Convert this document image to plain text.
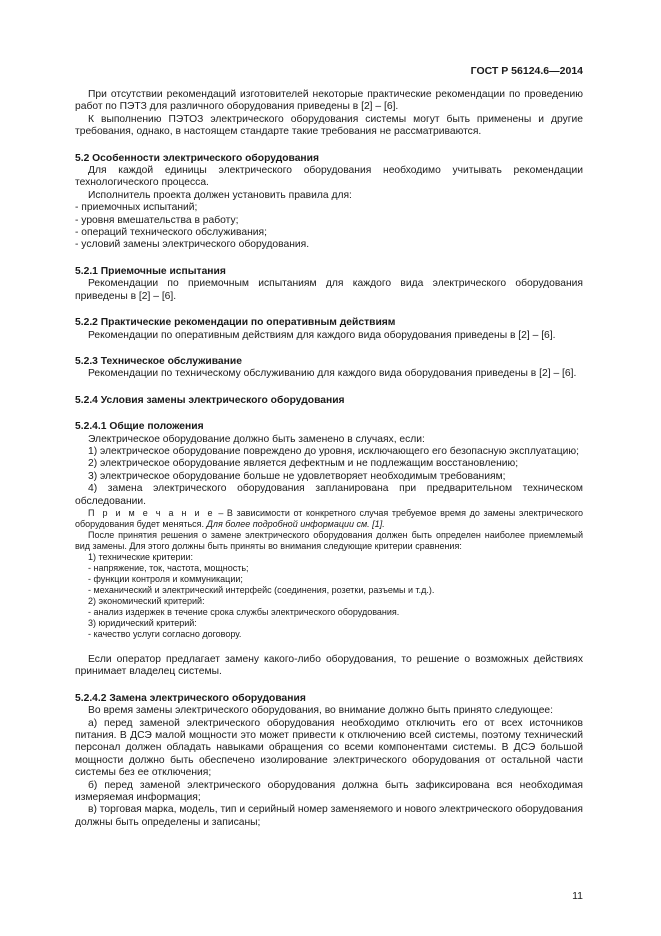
ГОСТ Р 56124.6—2014

При отсутствии рекомендаций изготовителей некоторые практические рекомендации по проведению работ по ПЭТЗ для различного оборудования приведены в [2] – [6].

К выполнению ПЭТОЗ электрического оборудования системы могут быть применены и другие требования, однако, в настоящем стандарте такие требования не рассматриваются.

5.2 Особенности электрического оборудования

Для каждой единицы электрического оборудования необходимо учитывать рекомендации технологического процесса.

Исполнитель проекта должен установить правила для:

- приемочных испытаний;

- уровня вмешательства в работу;

- операций технического обслуживания;

- условий замены электрического оборудования.

5.2.1 Приемочные испытания

Рекомендации по приемочным испытаниям для каждого вида электрического оборудования приведены в [2] – [6].

5.2.2 Практические рекомендации по оперативным действиям

Рекомендации по оперативным действиям для каждого вида оборудования приведены в [2] – [6].

5.2.3 Техническое обслуживание

Рекомендации по техническому обслуживанию для каждого вида оборудования приведены в [2] – [6].

5.2.4 Условия замены электрического оборудования

5.2.4.1 Общие положения

Электрическое оборудование должно быть заменено в случаях, если:

1) электрическое оборудование повреждено до уровня, исключающего его безопасную эксплуатацию;

2) электрическое оборудование является дефектным и не подлежащим восстановлению;

3) электрическое оборудование больше не удовлетворяет необходимым требованиям;

4) замена электрического оборудования запланирована при предварительном техническом обследовании.

П р и м е ч а н и е – В зависимости от конкретного случая требуемое время до замены электрического оборудования будет меняться. Для более подробной информации см. [1].

После принятия решения о замене электрического оборудования должен быть определен наиболее приемлемый вид замены. Для этого должны быть приняты во внимания следующие критерии сравнения:

1) технические критерии:

- напряжение, ток, частота, мощность;

- функции контроля и коммуникации;

- механический и электрический интерфейс (соединения, розетки, разъемы и т.д.).

2) экономический критерий:

- анализ издержек в течение срока службы электрического оборудования.

3) юридический критерий:

- качество услуги согласно договору.

Если оператор предлагает замену какого-либо оборудования, то решение о возможных действиях принимает владелец системы.

5.2.4.2 Замена электрического оборудования

Во время замены электрического оборудования, во внимание должно быть принято следующее:

а) перед заменой электрического оборудования необходимо отключить его от всех источников питания. В ДСЭ малой мощности это может привести к отключению всей системы, поэтому технический персонал должен обладать навыками обращения со всеми компонентами системы. В ДСЭ большой мощности должно быть обеспечено изолирование электрического оборудования от остальной части системы без ее отключения;

б) перед заменой электрического оборудования должна быть зафиксирована вся необходимая измеряемая информация;

в) торговая марка, модель, тип и серийный номер заменяемого и нового электрического оборудования должны быть определены и записаны;

11
